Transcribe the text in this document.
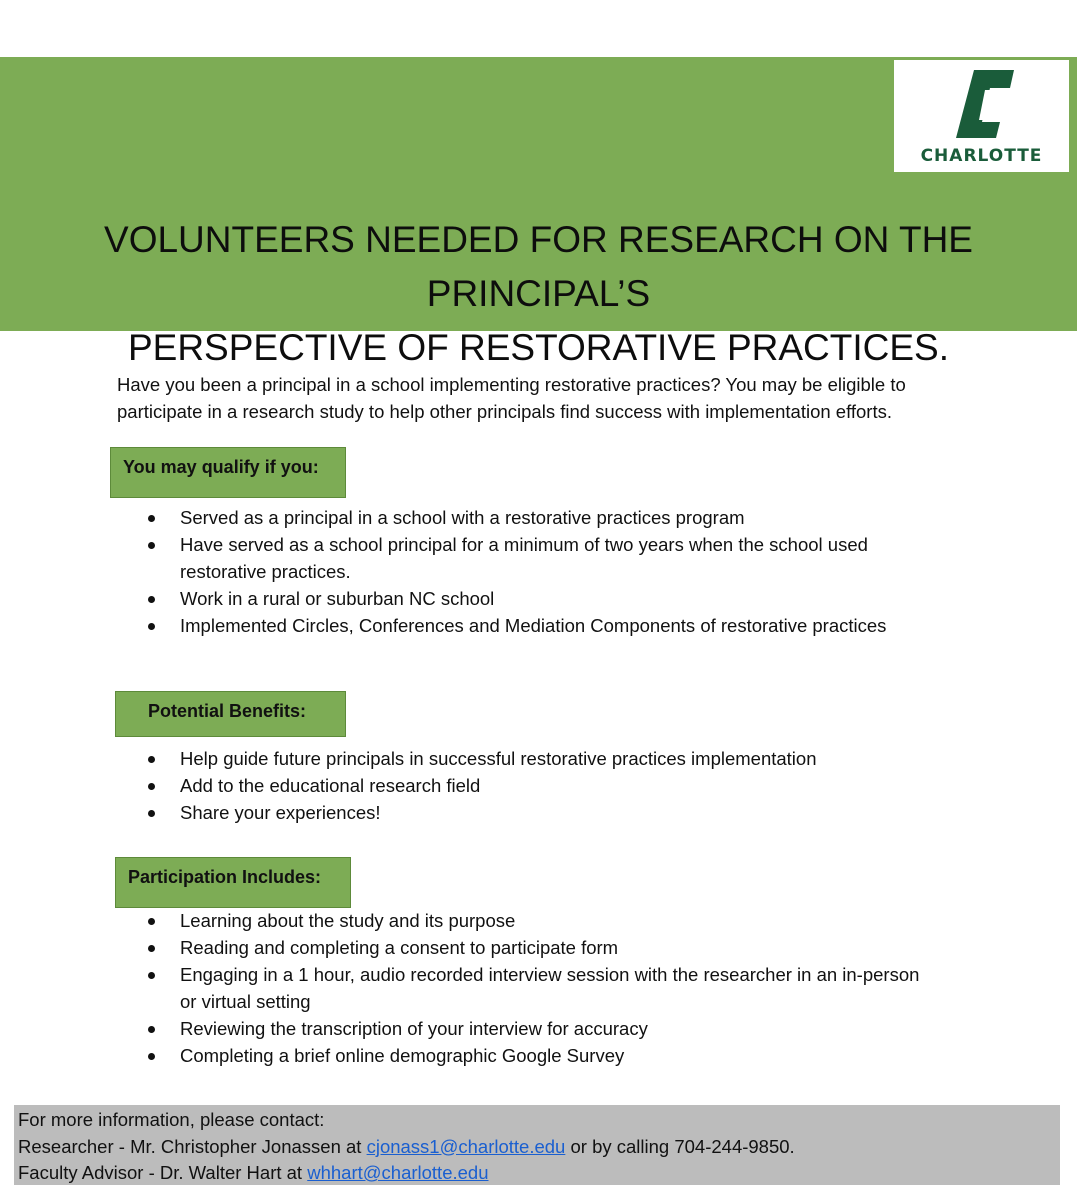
CHARLOTTE
VOLUNTEERS NEEDED FOR RESEARCH ON THE PRINCIPAL’S
PERSPECTIVE OF RESTORATIVE PRACTICES.
Have you been a principal in a school implementing restorative practices? You may be eligible to
participate in a research study to help other principals find success with implementation efforts.
You may qualify if you:
Served as a principal in a school with a restorative practices program
Have served as a school principal for a minimum of two years when the school used restorative practices.
Work in a rural or suburban NC school
Implemented Circles, Conferences and Mediation Components of restorative practices
Potential Benefits:
Help guide future principals in successful restorative practices implementation
Add to the educational research field
Share your experiences!
Participation Includes:
Learning about the study and its purpose
Reading and completing a consent to participate form
Engaging in a 1 hour, audio recorded interview session with the researcher in an in-person or virtual setting
Reviewing the transcription of your interview for accuracy
Completing a brief online demographic Google Survey
For more information, please contact:
Researcher - Mr. Christopher Jonassen at cjonass1@charlotte.edu or by calling 704-244-9850.
Faculty Advisor - Dr. Walter Hart at whhart@charlotte.edu
